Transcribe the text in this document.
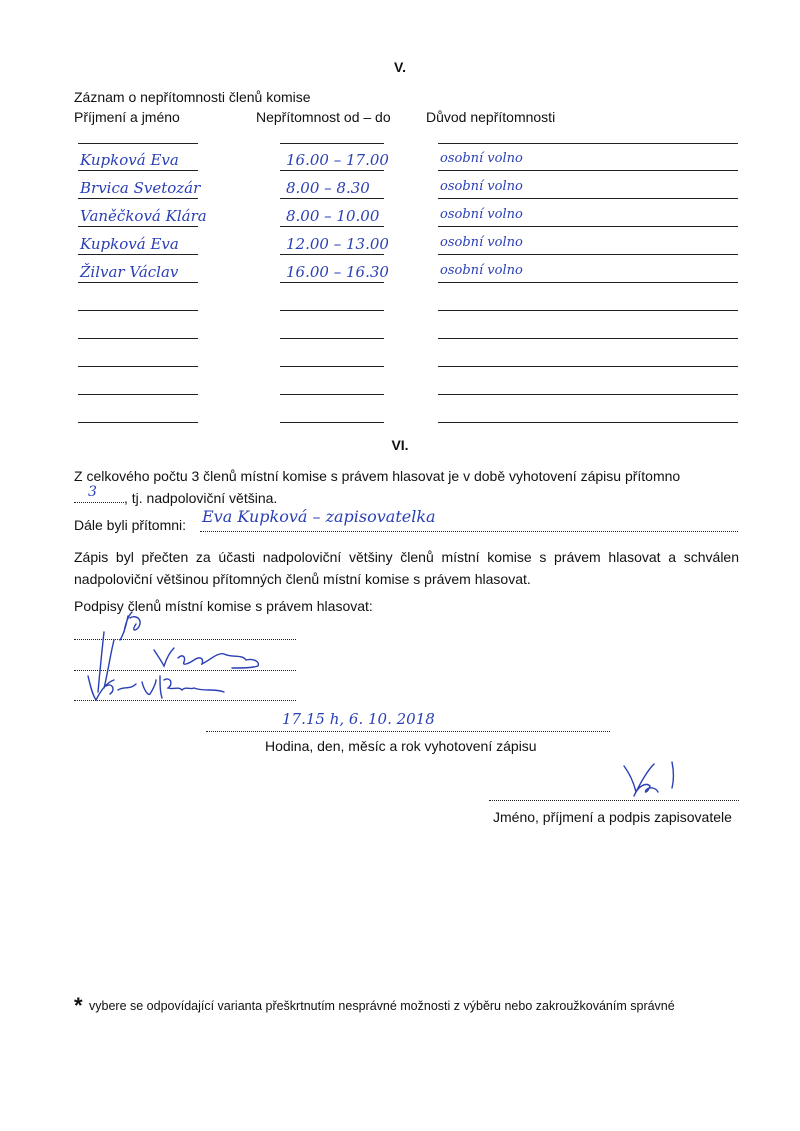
V.
Záznam o nepřítomnosti členů komise
Příjmení a jméno	Nepřítomnost od – do	Důvod nepřítomnosti
Kupková Eva	16.00 – 17.00	osobní volno
Brvica Svetozár	8.00 – 8.30	osobní volno
Vaněčková Klára	8.00 – 10.00	osobní volno
Kupková Eva	12.00 – 13.00	osobní volno
Žilvar Václav	16.00 – 16.30	osobní volno
VI.
Z celkového počtu 3 členů místní komise s právem hlasovat je v době vyhotovení zápisu přítomno

3 , tj. nadpoloviční většina.
Dále byli přítomni: Eva Kupková – zapisovatelka
Zápis byl přečten za účasti nadpoloviční většiny členů místní komise s právem hlasovat a schválen nadpoloviční většinou přítomných členů místní komise s právem hlasovat.
Podpisy členů místní komise s právem hlasovat:
17.15 h, 6. 10. 2018
Hodina, den, měsíc a rok vyhotovení zápisu
Jméno, příjmení a podpis zapisovatele
* vybere se odpovídající varianta přeškrtnutím nesprávné možnosti z výběru nebo zakroužkováním správné
